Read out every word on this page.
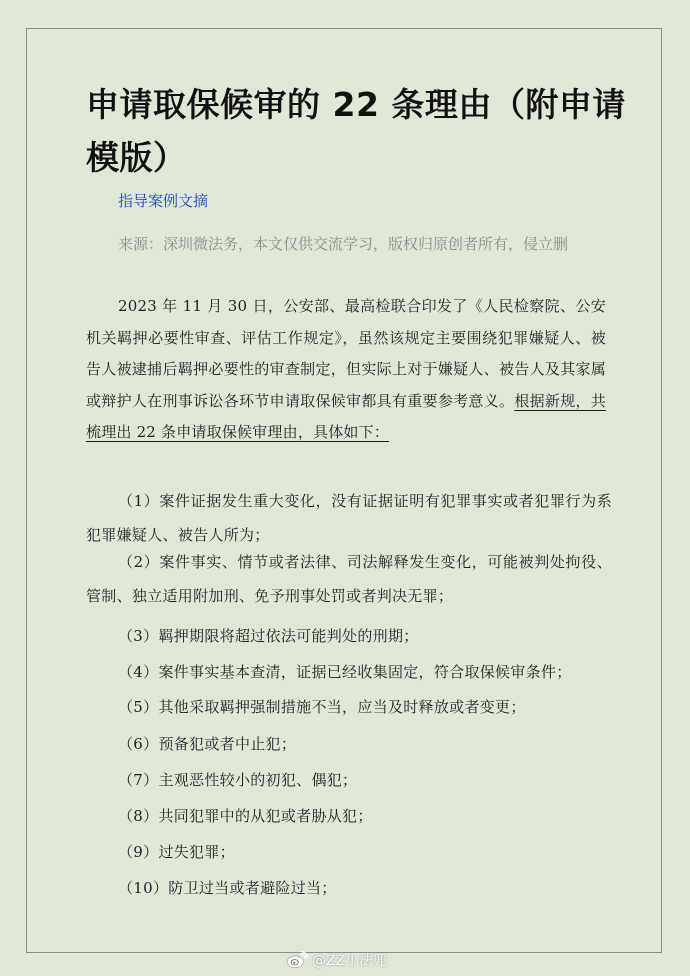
申请取保候审的 22 条理由（附申请模版）
指导案例文摘

来源：深圳微法务，本文仅供交流学习，版权归原创者所有，侵立删

2023 年 11 月 30 日，公安部、最高检联合印发了《人民检察院、公安机关羁押必要性审查、评估工作规定》，虽然该规定主要围绕犯罪嫌疑人、被告人被逮捕后羁押必要性的审查制定，但实际上对于嫌疑人、被告人及其家属或辩护人在刑事诉讼各环节申请取保候审都具有重要参考意义。根据新规，共梳理出 22 条申请取保候审理由，具体如下：

（1）案件证据发生重大变化，没有证据证明有犯罪事实或者犯罪行为系犯罪嫌疑人、被告人所为；

（2）案件事实、情节或者法律、司法解释发生变化，可能被判处拘役、管制、独立适用附加刑、免予刑事处罚或者判决无罪；

（3）羁押期限将超过依法可能判处的刑期；

（4）案件事实基本查清，证据已经收集固定，符合取保候审条件；

（5）其他采取羁押强制措施不当，应当及时释放或者变更；

（6）预备犯或者中止犯；

（7）主观恶性较小的初犯、偶犯；

（8）共同犯罪中的从犯或者胁从犯；

（9）过失犯罪；

（10）防卫过当或者避险过当；

@ZZ小法兜
